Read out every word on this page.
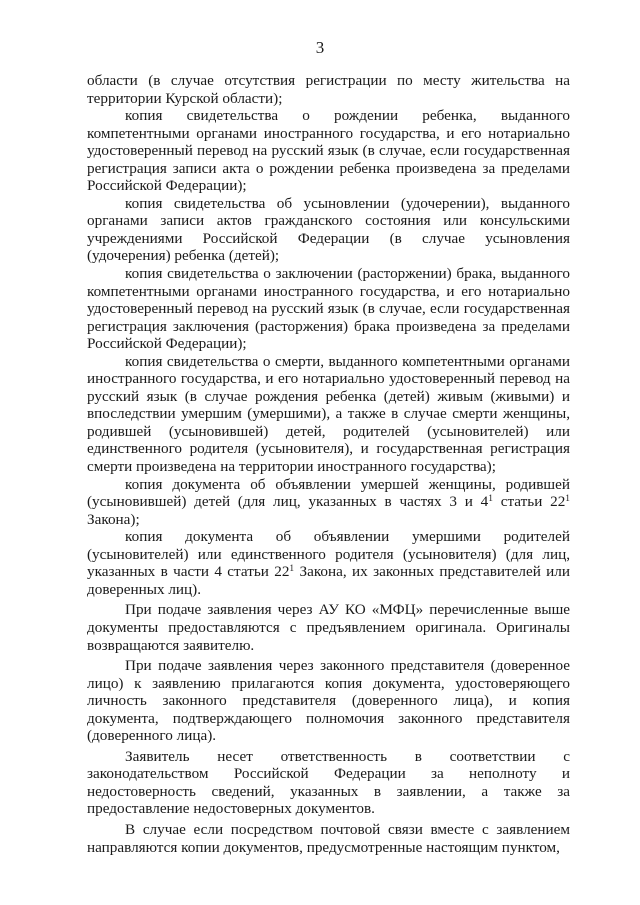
3

области (в случае отсутствия регистрации по месту жительства на территории Курской области);

копия свидетельства о рождении ребенка, выданного компетентными органами иностранного государства, и его нотариально удостоверенный перевод на русский язык (в случае, если государственная регистрация записи акта о рождении ребенка произведена за пределами Российской Федерации);

копия свидетельства об усыновлении (удочерении), выданного органами записи актов гражданского состояния или консульскими учреждениями Российской Федерации (в случае усыновления (удочерения) ребенка (детей);

копия свидетельства о заключении (расторжении) брака, выданного компетентными органами иностранного государства, и его нотариально удостоверенный перевод на русский язык (в случае, если государственная регистрация заключения (расторжения) брака произведена за пределами Российской Федерации);

копия свидетельства о смерти, выданного компетентными органами иностранного государства, и его нотариально удостоверенный перевод на русский язык (в случае рождения ребенка (детей) живым (живыми) и впоследствии умершим (умершими), а также в случае смерти женщины, родившей (усыновившей) детей, родителей (усыновителей) или единственного родителя (усыновителя), и государственная регистрация смерти произведена на территории иностранного государства);

копия документа об объявлении умершей женщины, родившей (усыновившей) детей (для лиц, указанных в частях 3 и $4^1$ статьи $22^1$ Закона);

копия документа об объявлении умершими родителей (усыновителей) или единственного родителя (усыновителя) (для лиц, указанных в части 4 статьи $22^1$ Закона, их законных представителей или доверенных лиц).

При подаче заявления через АУ КО «МФЦ» перечисленные выше документы предоставляются с предъявлением оригинала. Оригиналы возвращаются заявителю.

При подаче заявления через законного представителя (доверенное лицо) к заявлению прилагаются копия документа, удостоверяющего личность законного представителя (доверенного лица), и копия документа, подтверждающего полномочия законного представителя (доверенного лица).

Заявитель несет ответственность в соответствии с законодательством Российской Федерации за неполноту и недостоверность сведений, указанных в заявлении, а также за предоставление недостоверных документов.

В случае если посредством почтовой связи вместе с заявлением направляются копии документов, предусмотренные настоящим пунктом,
